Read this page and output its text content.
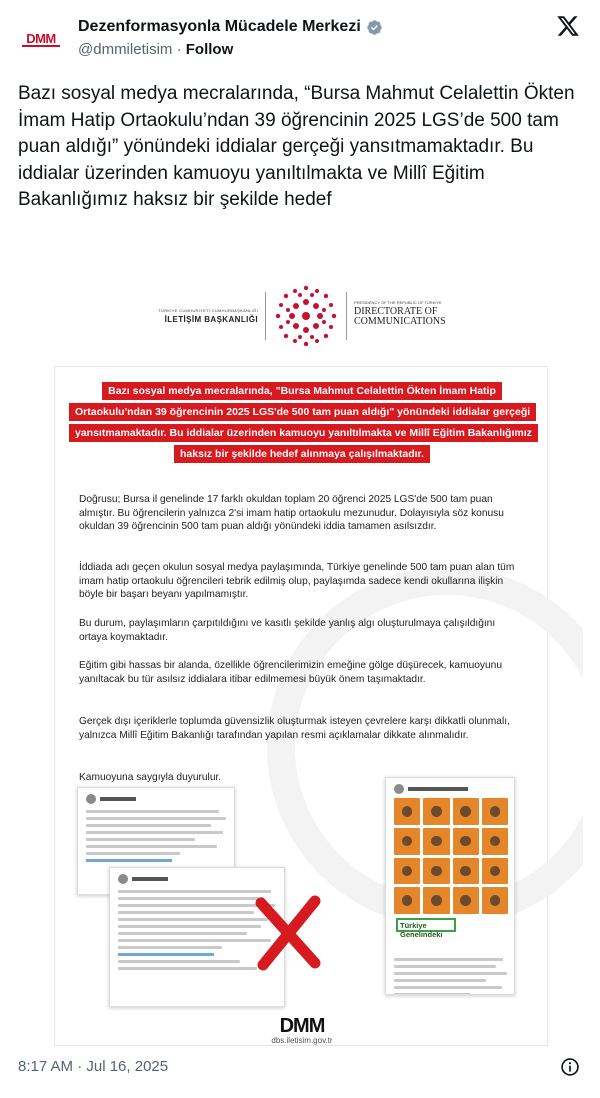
DMM
Dezenformasyonla Mücadele Merkezi
@dmmiletisim · Follow
Bazı sosyal medya mecralarında, “Bursa Mahmut Celalettin Ökten İmam Hatip Ortaokulu’ndan 39 öğrencinin 2025 LGS’de 500 tam puan aldığı” yönündeki iddialar gerçeği yansıtmamaktadır. Bu iddialar üzerinden kamuoyu yanıltılmakta ve Millî Eğitim Bakanlığımız haksız bir şekilde hedef
TÜRKİYE CUMHURİYETİ CUMHURBAŞKANLIĞI
İLETİŞİM BAŞKANLIĞI
PRESIDENCY OF THE REPUBLIC OF TÜRKİYE
DIRECTORATE OF COMMUNICATIONS
Bazı sosyal medya mecralarında, "Bursa Mahmut Celalettin Ökten İmam Hatip Ortaokulu'ndan 39 öğrencinin 2025 LGS'de 500 tam puan aldığı" yönündeki iddialar gerçeği yansıtmamaktadır. Bu iddialar üzerinden kamuoyu yanıltılmakta ve Millî Eğitim Bakanlığımız haksız bir şekilde hedef alınmaya çalışılmaktadır.
Doğrusu; Bursa il genelinde 17 farklı okuldan toplam 20 öğrenci 2025 LGS'de 500 tam puan almıştır. Bu öğrencilerin yalnızca 2'si imam hatip ortaokulu mezunudur. Dolayısıyla söz konusu okuldan 39 öğrencinin 500 tam puan aldığı yönündeki iddia tamamen asılsızdır.
İddiada adı geçen okulun sosyal medya paylaşımında, Türkiye genelinde 500 tam puan alan tüm imam hatip ortaokulu öğrencileri tebrik edilmiş olup, paylaşımda sadece kendi okullarına ilişkin böyle bir başarı beyanı yapılmamıştır.
Bu durum, paylaşımların çarpıtıldığını ve kasıtlı şekilde yanlış algı oluşturulmaya çalışıldığını ortaya koymaktadır.
Eğitim gibi hassas bir alanda, özellikle öğrencilerimizin emeğine gölge düşürecek, kamuoyunu yanıltacak bu tür asılsız iddialara itibar edilmemesi büyük önem taşımaktadır.
Gerçek dışı içeriklerle toplumda güvensizlik oluşturmak isteyen çevrelere karşı dikkatli olunmalı, yalnızca Millî Eğitim Bakanlığı tarafından yapılan resmi açıklamalar dikkate alınmalıdır.
Kamuoyuna saygıyla duyurulur.
Türkiye Genelindeki
DMM
dbs.iletisim.gov.tr
8:17 AM · Jul 16, 2025
